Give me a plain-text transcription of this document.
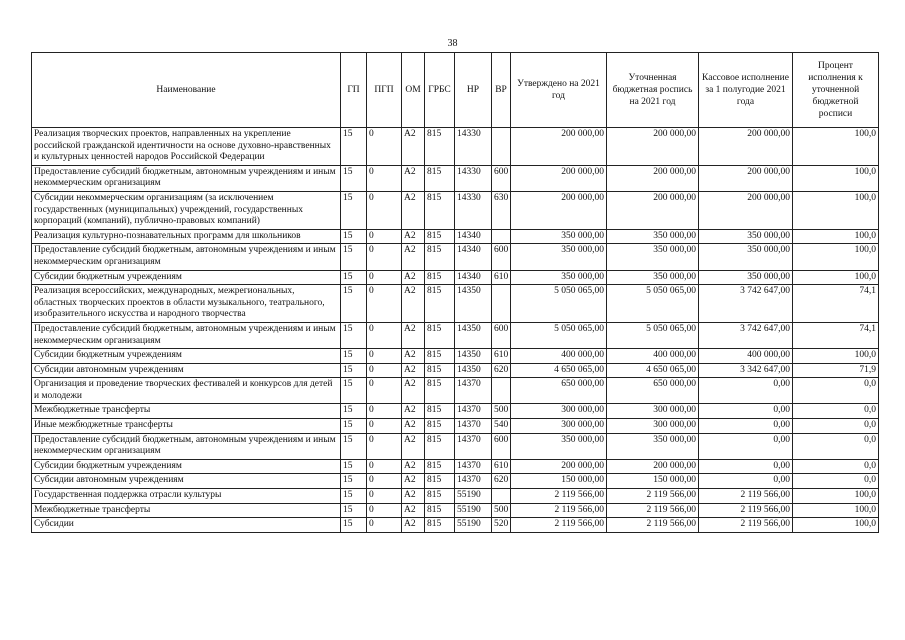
38
Наименование	ГП	ПГП	ОМ	ГРБС	НР	ВР	Утверждено на 2021 год	Уточненная бюджетная роспись на 2021 год	Кассовое исполнение за 1 полугодие 2021 года	Процент исполнения к уточненной бюджетной росписи
Реализация творческих проектов, направленных на укрепление российской гражданской идентичности на основе духовно-нравственных и культурных ценностей народов Российской Федерации	15	0	А2	815	14330		200 000,00	200 000,00	200 000,00	100,0
Предоставление субсидий бюджетным, автономным учреждениям и иным некоммерческим организациям	15	0	А2	815	14330	600	200 000,00	200 000,00	200 000,00	100,0
Субсидии некоммерческим организациям (за исключением государственных (муниципальных) учреждений, государственных корпораций (компаний), публично-правовых компаний)	15	0	А2	815	14330	630	200 000,00	200 000,00	200 000,00	100,0
Реализация культурно-познавательных программ для школьников	15	0	А2	815	14340		350 000,00	350 000,00	350 000,00	100,0
Предоставление субсидий бюджетным, автономным учреждениям и иным некоммерческим организациям	15	0	А2	815	14340	600	350 000,00	350 000,00	350 000,00	100,0
Субсидии бюджетным учреждениям	15	0	А2	815	14340	610	350 000,00	350 000,00	350 000,00	100,0
Реализация всероссийских, международных, межрегиональных, областных творческих проектов в области музыкального, театрального, изобразительного искусства и народного творчества	15	0	А2	815	14350		5 050 065,00	5 050 065,00	3 742 647,00	74,1
Предоставление субсидий бюджетным, автономным учреждениям и иным некоммерческим организациям	15	0	А2	815	14350	600	5 050 065,00	5 050 065,00	3 742 647,00	74,1
Субсидии бюджетным учреждениям	15	0	А2	815	14350	610	400 000,00	400 000,00	400 000,00	100,0
Субсидии автономным учреждениям	15	0	А2	815	14350	620	4 650 065,00	4 650 065,00	3 342 647,00	71,9
Организация и проведение творческих фестивалей и конкурсов для детей и молодежи	15	0	А2	815	14370		650 000,00	650 000,00	0,00	0,0
Межбюджетные трансферты	15	0	А2	815	14370	500	300 000,00	300 000,00	0,00	0,0
Иные межбюджетные трансферты	15	0	А2	815	14370	540	300 000,00	300 000,00	0,00	0,0
Предоставление субсидий бюджетным, автономным учреждениям и иным некоммерческим организациям	15	0	А2	815	14370	600	350 000,00	350 000,00	0,00	0,0
Субсидии бюджетным учреждениям	15	0	А2	815	14370	610	200 000,00	200 000,00	0,00	0,0
Субсидии автономным учреждениям	15	0	А2	815	14370	620	150 000,00	150 000,00	0,00	0,0
Государственная поддержка отрасли культуры	15	0	А2	815	55190		2 119 566,00	2 119 566,00	2 119 566,00	100,0
Межбюджетные трансферты	15	0	А2	815	55190	500	2 119 566,00	2 119 566,00	2 119 566,00	100,0
Субсидии	15	0	А2	815	55190	520	2 119 566,00	2 119 566,00	2 119 566,00	100,0
